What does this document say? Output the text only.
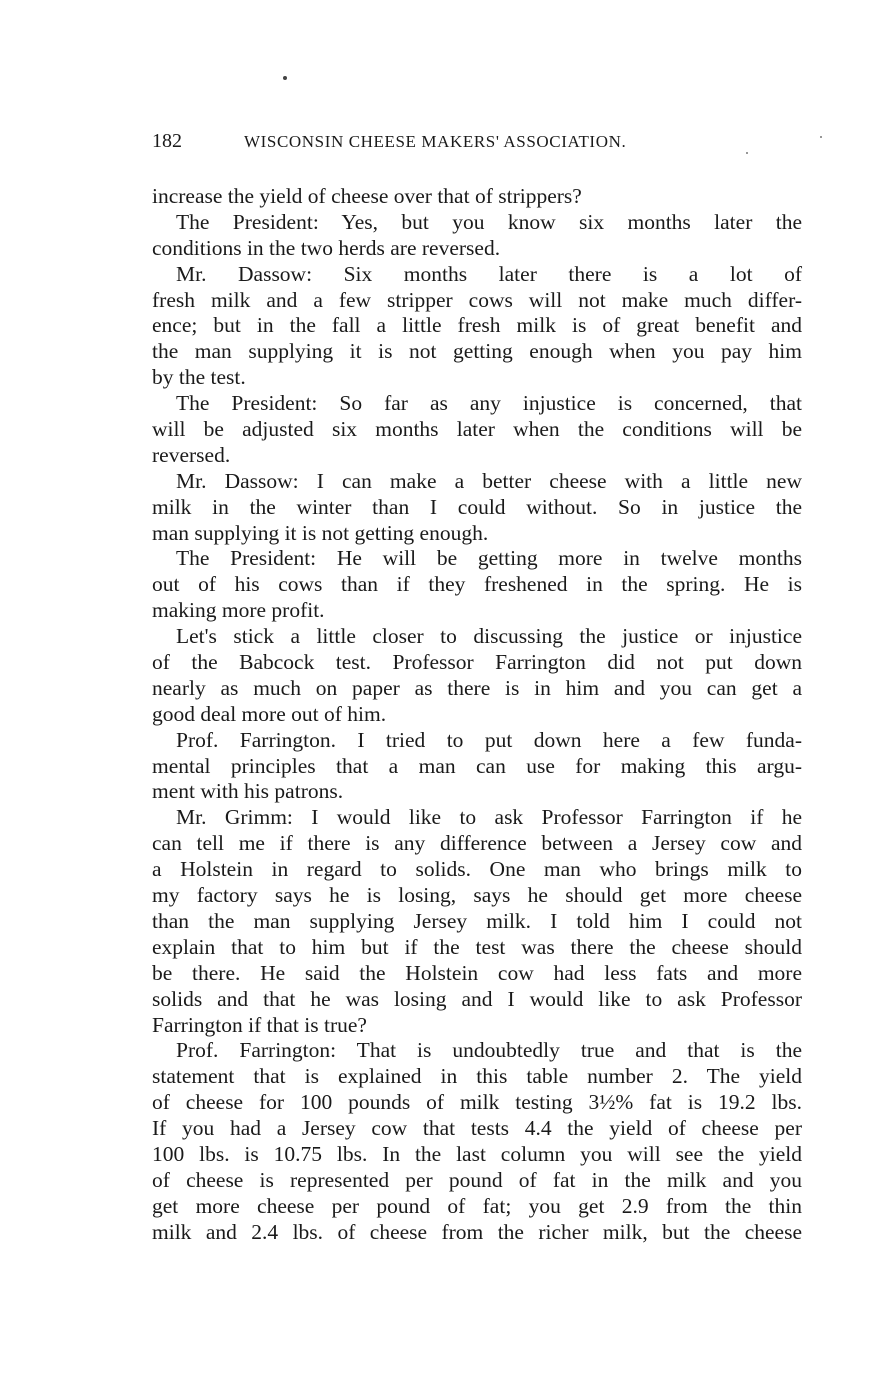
182	WISCONSIN CHEESE MAKERS' ASSOCIATION.
increase the yield of cheese over that of strippers?
The President: Yes, but you know six months later the
conditions in the two herds are reversed.
Mr. Dassow: Six months later there is a lot of
fresh milk and a few stripper cows will not make much differ-
ence; but in the fall a little fresh milk is of great benefit and
the man supplying it is not getting enough when you pay him
by the test.
The President: So far as any injustice is concerned, that
will be adjusted six months later when the conditions will be
reversed.
Mr. Dassow: I can make a better cheese with a little new
milk in the winter than I could without. So in justice the
man supplying it is not getting enough.
The President: He will be getting more in twelve months
out of his cows than if they freshened in the spring. He is
making more profit.
Let's stick a little closer to discussing the justice or injustice
of the Babcock test. Professor Farrington did not put down
nearly as much on paper as there is in him and you can get a
good deal more out of him.
Prof. Farrington. I tried to put down here a few funda-
mental principles that a man can use for making this argu-
ment with his patrons.
Mr. Grimm: I would like to ask Professor Farrington if he
can tell me if there is any difference between a Jersey cow and
a Holstein in regard to solids. One man who brings milk to
my factory says he is losing, says he should get more cheese
than the man supplying Jersey milk. I told him I could not
explain that to him but if the test was there the cheese should
be there. He said the Holstein cow had less fats and more
solids and that he was losing and I would like to ask Professor
Farrington if that is true?
Prof. Farrington: That is undoubtedly true and that is the
statement that is explained in this table number 2. The yield
of cheese for 100 pounds of milk testing 3½% fat is 19.2 lbs.
If you had a Jersey cow that tests 4.4 the yield of cheese per
100 lbs. is 10.75 lbs. In the last column you will see the yield
of cheese is represented per pound of fat in the milk and you
get more cheese per pound of fat; you get 2.9 from the thin
milk and 2.4 lbs. of cheese from the richer milk, but the cheese
